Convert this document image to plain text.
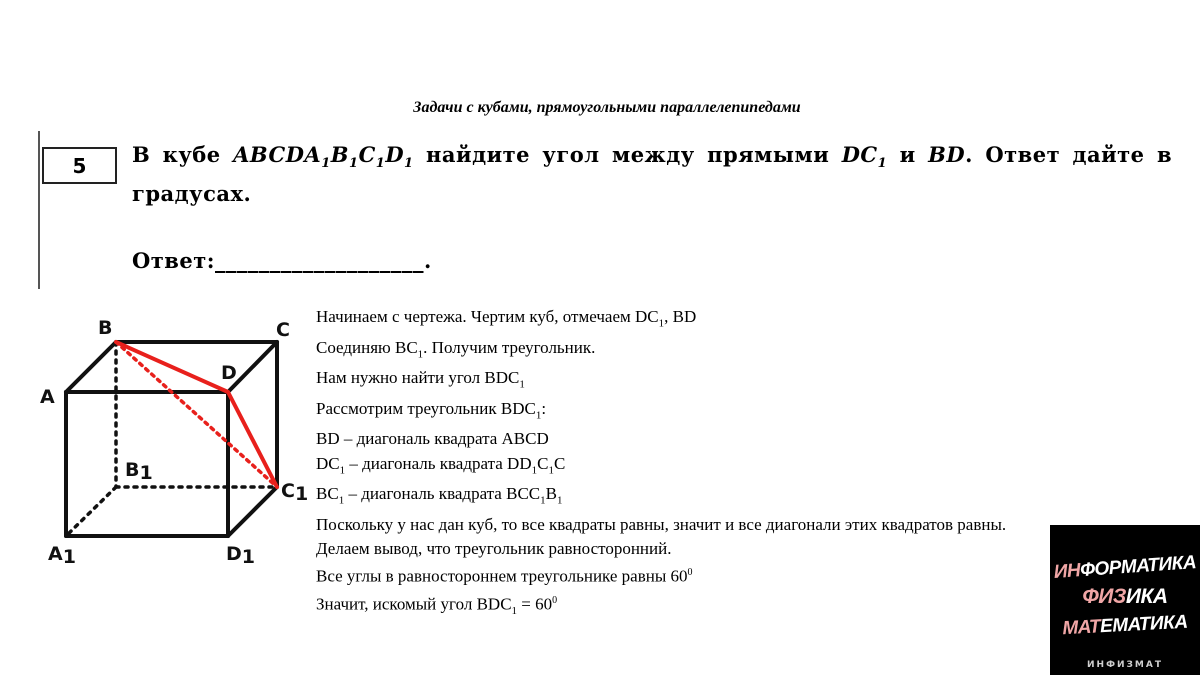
Задачи с кубами, прямоугольными параллелепипедами
5	В кубе $ABCDA_1B_1C_1D_1$ найдите угол между прямыми $DC_1$ и BD. Ответ дайте в градусах.
Ответ:___________________.
B	C
A
D
B1
C1
A1	D1
Начинаем с чертежа. Чертим куб, отмечаем $DC_1$, BD
Соединяю $BC_1$. Получим треугольник.
Нам нужно найти угол $BDC_1$
Рассмотрим треугольник $BDC_1$:
BD – диагональ квадрата ABCD
$DC_1$ – диагональ квадрата $DD_1C_1C$
$BC_1$ – диагональ квадрата $BCC_1B_1$
Поскольку у нас дан куб, то все квадраты равны, значит и все диагонали этих квадратов равны.
Делаем вывод, что треугольник равносторонний.
Все углы в равностороннем треугольнике равны $60^0$
Значит, искомый угол $BDC_1 = 60^0$
ИНФОРМАТИКА
ФИЗИКА
МАТЕМАТИКА
ИНФИЗМАТ
